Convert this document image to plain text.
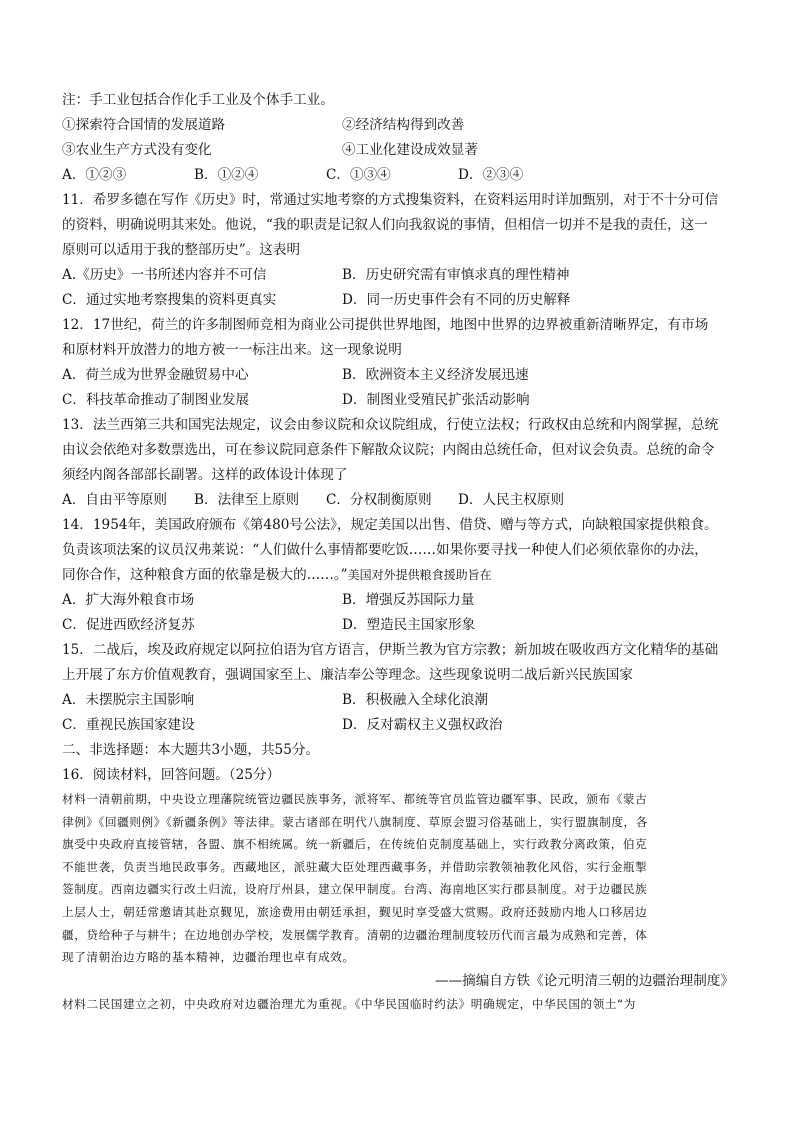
注：手工业包括合作化手工业及个体手工业。
①探索符合国情的发展道路	②经济结构得到改善
③农业生产方式没有变化	④工业化建设成效显著
A．①②③	B．①②④	C．①③④	D．②③④
11．希罗多德在写作《历史》时，常通过实地考察的方式搜集资料，在资料运用时详加甄别，对于不十分可信
的资料，明确说明其来处。他说，“我的职责是记叙人们向我叙说的事情，但相信一切并不是我的责任，这一
原则可以适用于我的整部历史”。这表明
A.《历史》一书所述内容并不可信	B．历史研究需有审慎求真的理性精神
C．通过实地考察搜集的资料更真实	D．同一历史事件会有不同的历史解释
12．17世纪，荷兰的许多制图师竞相为商业公司提供世界地图，地图中世界的边界被重新清晰界定，有市场
和原材料开放潜力的地方被一一标注出来。这一现象说明
A．荷兰成为世界金融贸易中心	B．欧洲资本主义经济发展迅速
C．科技革命推动了制图业发展	D．制图业受殖民扩张活动影响
13．法兰西第三共和国宪法规定，议会由参议院和众议院组成，行使立法权；行政权由总统和内阁掌握，总统
由议会依绝对多数票选出，可在参议院同意条件下解散众议院；内阁由总统任命，但对议会负责。总统的命令
须经内阁各部部长副署。这样的政体设计体现了
A．自由平等原则	B．法律至上原则	C．分权制衡原则	D．人民主权原则
14．1954年，美国政府颁布《第480号公法》，规定美国以出售、借贷、赠与等方式，向缺粮国家提供粮食。
负责该项法案的议员汉弗莱说：“人们做什么事情都要吃饭……如果你要寻找一种使人们必须依靠你的办法，
同你合作，这种粮食方面的依靠是极大的……。”美国对外提供粮食援助旨在
A．扩大海外粮食市场	B．增强反苏国际力量
C．促进西欧经济复苏	D．塑造民主国家形象
15．二战后，埃及政府规定以阿拉伯语为官方语言，伊斯兰教为官方宗教；新加坡在吸收西方文化精华的基础
上开展了东方价值观教育，强调国家至上、廉洁奉公等理念。这些现象说明二战后新兴民族国家
A．未摆脱宗主国影响	B．积极融入全球化浪潮
C．重视民族国家建设	D．反对霸权主义强权政治
二、非选择题：本大题共3小题，共55分。
16．阅读材料，回答问题。（25分）
材料一清朝前期，中央设立理藩院统管边疆民族事务，派将军、都统等官员监管边疆军事、民政，颁布《蒙古
律例》《回疆则例》《新疆条例》等法律。蒙古诸部在明代八旗制度、草原会盟习俗基础上，实行盟旗制度，各
旗受中央政府直接管辖，各盟、旗不相统属。统一新疆后，在传统伯克制度基础上，实行政教分离政策，伯克
不能世袭，负责当地民政事务。西藏地区，派驻藏大臣处理西藏事务，并借助宗教领袖教化风俗，实行金瓶掣
签制度。西南边疆实行改土归流，设府厅州县，建立保甲制度。台湾、海南地区实行郡县制度。对于边疆民族
上层人士，朝廷常邀请其赴京觐见，旅途费用由朝廷承担，觐见时享受盛大赏赐。政府还鼓励内地人口移居边
疆，贷给种子与耕牛；在边地创办学校，发展儒学教育。清朝的边疆治理制度较历代而言最为成熟和完善，体
现了清朝治边方略的基本精神，边疆治理也卓有成效。
——摘编自方铁《论元明清三朝的边疆治理制度》
材料二民国建立之初，中央政府对边疆治理尤为重视。《中华民国临时约法》明确规定，中华民国的领土“为
